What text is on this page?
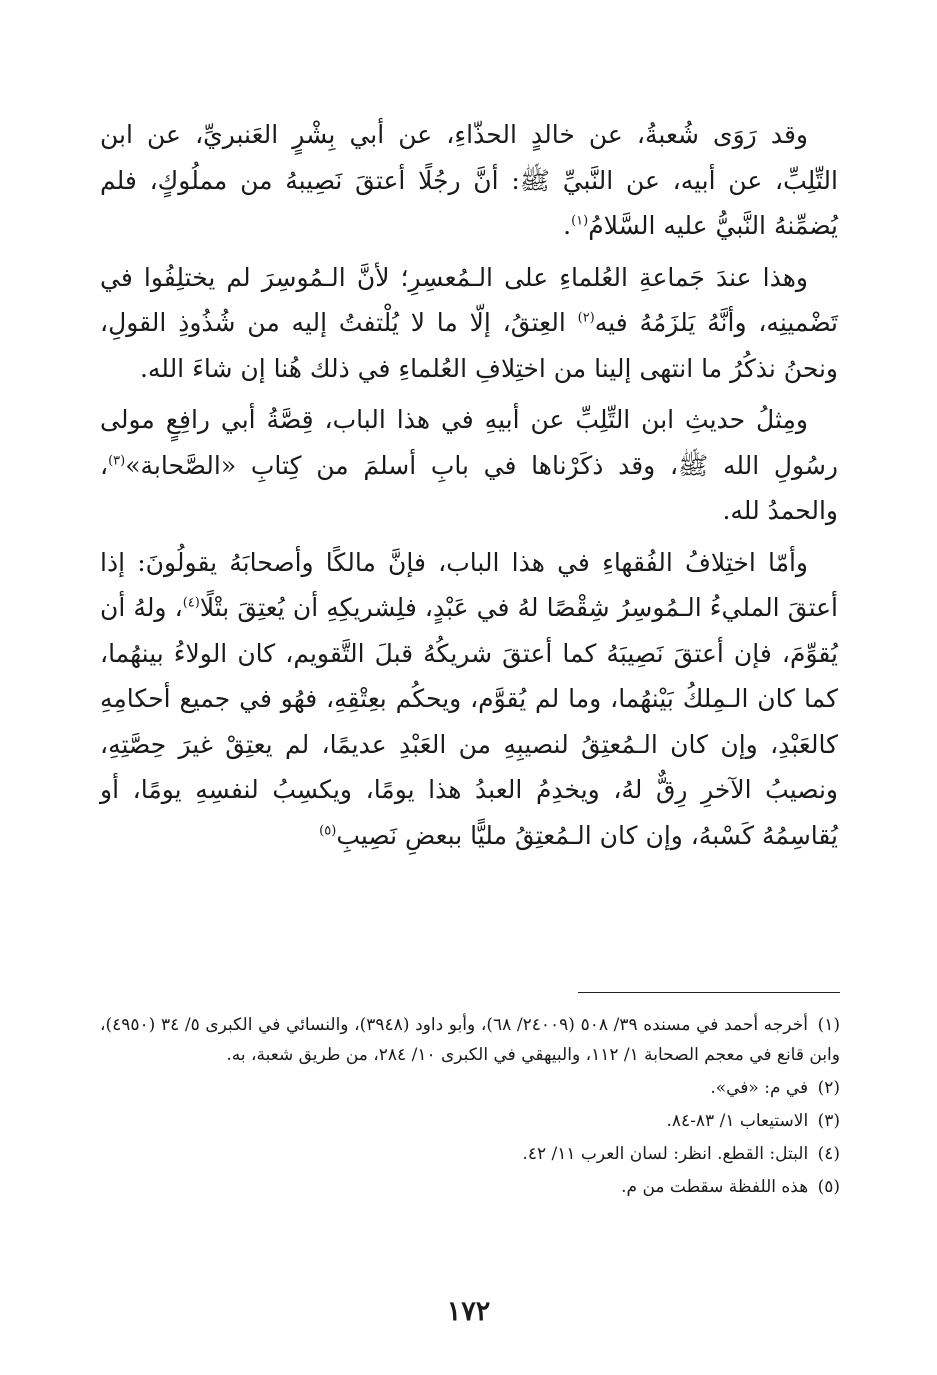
وقد رَوَى شُعبةُ، عن خالدٍ الحذّاءِ، عن أبي بِشْرٍ العَنبريِّ، عن ابن التِّلِبِّ، عن أبيه، عن النَّبيِّ ﷺ: أنَّ رجُلًا أعتقَ نَصِيبهُ من مملُوكٍ، فلم يُضمِّنهُ النَّبيُّ عليه السَّلامُ$^{(١)}$.

وهذا عندَ جَماعةِ العُلماءِ على الـمُعسِرِ؛ لأنَّ الـمُوسِرَ لم يختلِفُوا في تَضْمينِه، وأنَّهُ يَلزَمُهُ فيه$^{(٢)}$ العِتقُ، إلّا ما لا يُلْتفتُ إليه من شُذُوذِ القولِ، ونحنُ نذكُرُ ما انتهى إلينا من اختِلافِ العُلماءِ في ذلك هُنا إن شاءَ الله.

ومِثلُ حديثِ ابن التِّلِبِّ عن أبيهِ في هذا الباب، قِصَّةُ أبي رافِعٍ مولى رسُولِ الله ﷺ، وقد ذكَرْناها في بابِ أسلمَ من كِتابِ «الصَّحابة»$^{(٣)}$، والحمدُ لله.

وأمّا اختِلافُ الفُقهاءِ في هذا الباب، فإنَّ مالكًا وأصحابَهُ يقولُونَ: إذا أعتقَ المليءُ الـمُوسِرُ شِقْصًا لهُ في عَبْدٍ، فلِشريكِهِ أن يُعتِقَ بتْلًا$^{(٤)}$، ولهُ أن يُقوِّمَ، فإن أعتقَ نَصِيبَهُ كما أعتقَ شريكُهُ قبلَ التَّقويم، كان الولاءُ بينهُما، كما كان الـمِلكُ بَيْنهُما، وما لم يُقوَّم، ويحكُم بعِتْقِهِ، فهُو في جميع أحكامِهِ كالعَبْدِ، وإن كان الـمُعتِقُ لنصيبِهِ من العَبْدِ عديمًا، لم يعتِقْ غيرَ حِصَّتِهِ، ونصيبُ الآخرِ رِقٌّ لهُ، ويخدِمُ العبدُ هذا يومًا، ويكسِبُ لنفسِهِ يومًا، أو يُقاسِمُهُ كَسْبهُ، وإن كان الـمُعتِقُ مليًّا ببعضِ نَصِيبِ$^{(٥)}$

(١) أخرجه أحمد في مسنده ٣٩/ ٥٠٨ (٢٤٠٠٩/ ٦٨)، وأبو داود (٣٩٤٨)، والنسائي في الكبرى ٥/ ٣٤ (٤٩٥٠)، وابن قانع في معجم الصحابة ١/ ١١٢، والبيهقي في الكبرى ١٠/ ٢٨٤، من طريق شعبة، به.

(٢) في م: «في».

(٣) الاستيعاب ١/ ٨٣-٨٤.

(٤) البتل: القطع. انظر: لسان العرب ١١/ ٤٢.

(٥) هذه اللفظة سقطت من م.

١٧٢
